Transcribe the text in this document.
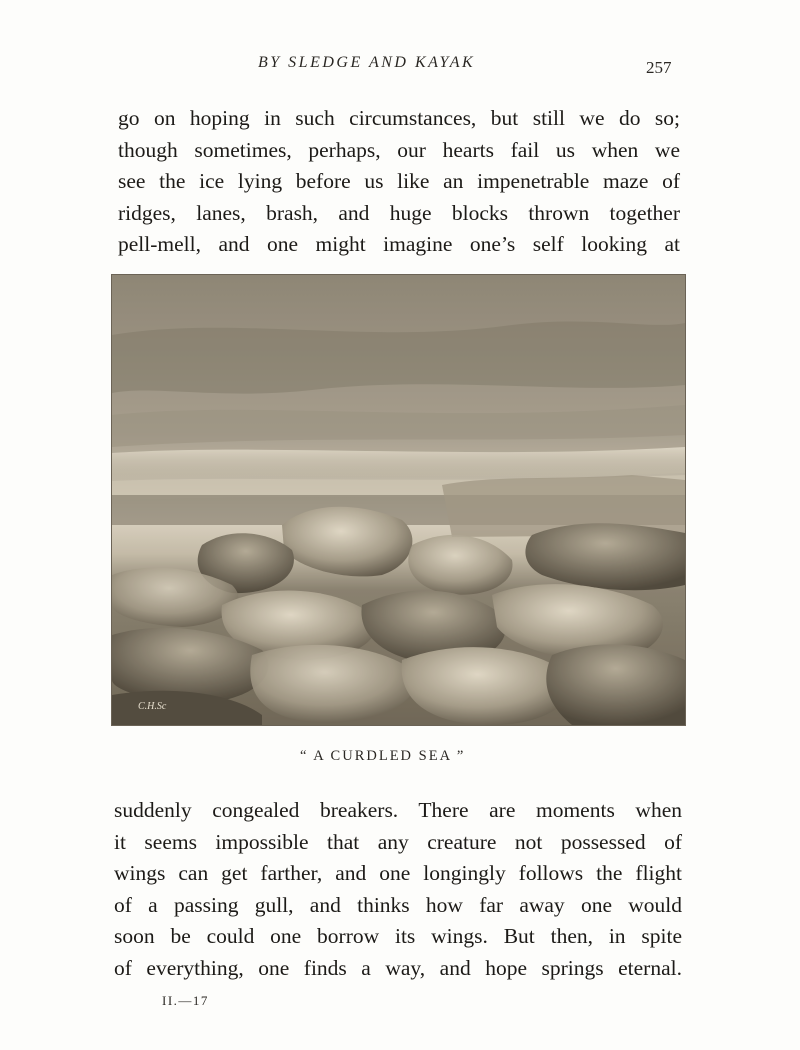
BY SLEDGE AND KAYAK	257

go on hoping in such circumstances, but still we do so;
though sometimes, perhaps, our hearts fail us when we
see the ice lying before us like an impenetrable maze of
ridges, lanes, brash, and huge blocks thrown together
pell-mell, and one might imagine one’s self looking at

C.H.Sc
“ A CURDLED SEA ”

suddenly congealed breakers. There are moments when
it seems impossible that any creature not possessed of
wings can get farther, and one longingly follows the flight
of a passing gull, and thinks how far away one would
soon be could one borrow its wings. But then, in spite
of everything, one finds a way, and hope springs eternal.

II.—17
